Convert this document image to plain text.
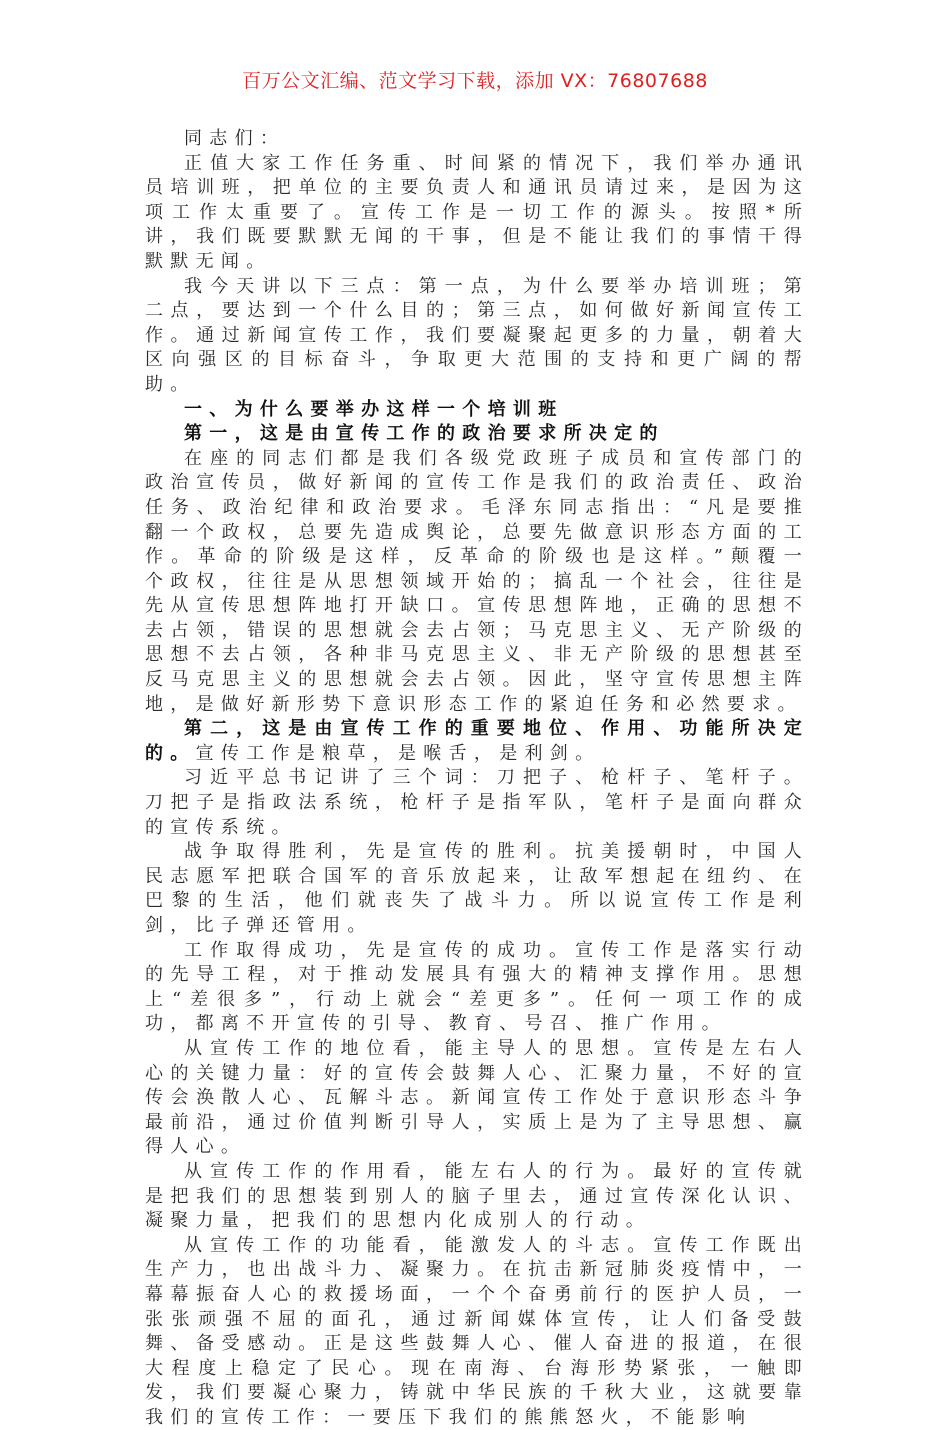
百万公文汇编、范文学习下载，添加 VX：76807688

同志们：

正值大家工作任务重、时间紧的情况下，我们举办通讯员培训班，把单位的主要负责人和通讯员请过来，是因为这项工作太重要了。宣传工作是一切工作的源头。按照*所讲，我们既要默默无闻的干事，但是不能让我们的事情干得默默无闻。

我今天讲以下三点：第一点，为什么要举办培训班；第二点，要达到一个什么目的；第三点，如何做好新闻宣传工作。通过新闻宣传工作，我们要凝聚起更多的力量，朝着大区向强区的目标奋斗，争取更大范围的支持和更广阔的帮助。

一、为什么要举办这样一个培训班
第一，这是由宣传工作的政治要求所决定的

在座的同志们都是我们各级党政班子成员和宣传部门的政治宣传员，做好新闻的宣传工作是我们的政治责任、政治任务、政治纪律和政治要求。毛泽东同志指出：“凡是要推翻一个政权，总要先造成舆论，总要先做意识形态方面的工作。革命的阶级是这样，反革命的阶级也是这样。”颠覆一个政权，往往是从思想领域开始的；搞乱一个社会，往往是先从宣传思想阵地打开缺口。宣传思想阵地，正确的思想不去占领，错误的思想就会去占领；马克思主义、无产阶级的思想不去占领，各种非马克思主义、非无产阶级的思想甚至反马克思主义的思想就会去占领。因此，坚守宣传思想主阵地，是做好新形势下意识形态工作的紧迫任务和必然要求。

第二，这是由宣传工作的重要地位、作用、功能所决定的。宣传工作是粮草，是喉舌，是利剑。

习近平总书记讲了三个词：刀把子、枪杆子、笔杆子。刀把子是指政法系统，枪杆子是指军队，笔杆子是面向群众的宣传系统。

战争取得胜利，先是宣传的胜利。抗美援朝时，中国人民志愿军把联合国军的音乐放起来，让敌军想起在纽约、在巴黎的生活，他们就丧失了战斗力。所以说宣传工作是利剑，比子弹还管用。

工作取得成功，先是宣传的成功。宣传工作是落实行动的先导工程，对于推动发展具有强大的精神支撑作用。思想上“差很多”，行动上就会“差更多”。任何一项工作的成功，都离不开宣传的引导、教育、号召、推广作用。

从宣传工作的地位看，能主导人的思想。宣传是左右人心的关键力量：好的宣传会鼓舞人心、汇聚力量，不好的宣传会涣散人心、瓦解斗志。新闻宣传工作处于意识形态斗争最前沿，通过价值判断引导人，实质上是为了主导思想、赢得人心。

从宣传工作的作用看，能左右人的行为。最好的宣传就是把我们的思想装到别人的脑子里去，通过宣传深化认识、凝聚力量，把我们的思想内化成别人的行动。

从宣传工作的功能看，能激发人的斗志。宣传工作既出生产力，也出战斗力、凝聚力。在抗击新冠肺炎疫情中，一幕幕振奋人心的救援场面，一个个奋勇前行的医护人员，一张张顽强不屈的面孔，通过新闻媒体宣传，让人们备受鼓舞、备受感动。正是这些鼓舞人心、催人奋进的报道，在很大程度上稳定了民心。现在南海、台海形势紧张，一触即发，我们要凝心聚力，铸就中华民族的千秋大业，这就要靠我们的宣传工作：一要压下我们的熊熊怒火，不能影响
